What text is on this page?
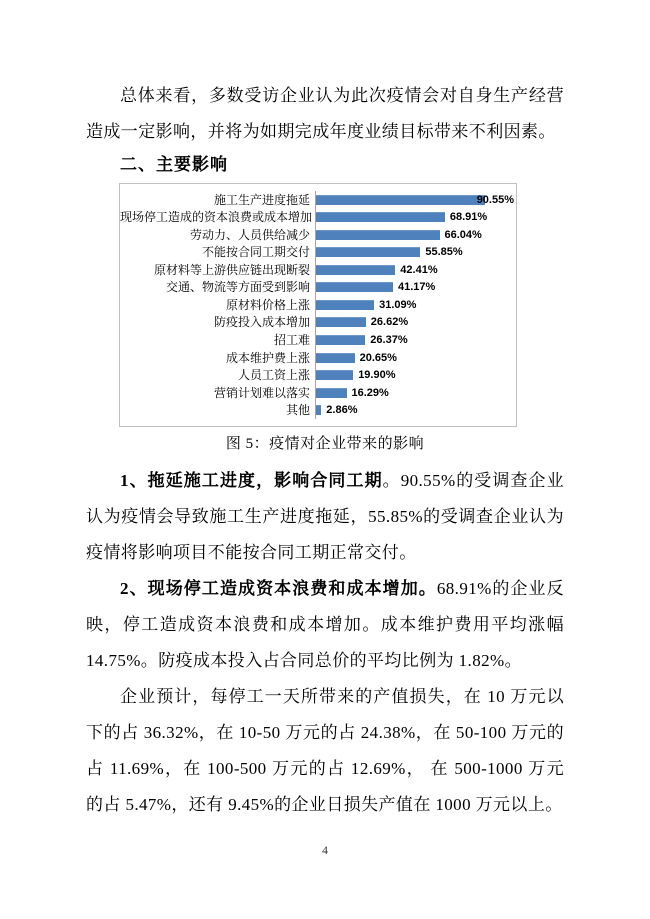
总体来看，多数受访企业认为此次疫情会对自身生产经营造成一定影响，并将为如期完成年度业绩目标带来不利因素。

二、主要影响
施工生产进度拖延
现场停工造成的资本浪费或成本增加
劳动力、人员供给减少
不能按合同工期交付
原材料等上游供应链出现断裂
交通、物流等方面受到影响
原材料价格上涨
防疫投入成本增加
招工难
成本维护费上涨
人员工资上涨
营销计划难以落实
其他
90.55%
68.91%
66.04%
55.85%
42.41%
41.17%
31.09%
26.62%
26.37%
20.65%
19.90%
16.29%
2.86%
图 5：疫情对企业带来的影响

1、拖延施工进度，影响合同工期。90.55%的受调查企业认为疫情会导致施工生产进度拖延，55.85%的受调查企业认为疫情将影响项目不能按合同工期正常交付。

2、现场停工造成资本浪费和成本增加。68.91%的企业反映，停工造成资本浪费和成本增加。成本维护费用平均涨幅 14.75%。防疫成本投入占合同总价的平均比例为 1.82%。

企业预计，每停工一天所带来的产值损失，在 10 万元以下的占 36.32%，在 10-50 万元的占 24.38%，在 50-100 万元的占 11.69%，在 100-500 万元的占 12.69%， 在 500-1000 万元的占 5.47%，还有 9.45%的企业日损失产值在 1000 万元以上。

4
